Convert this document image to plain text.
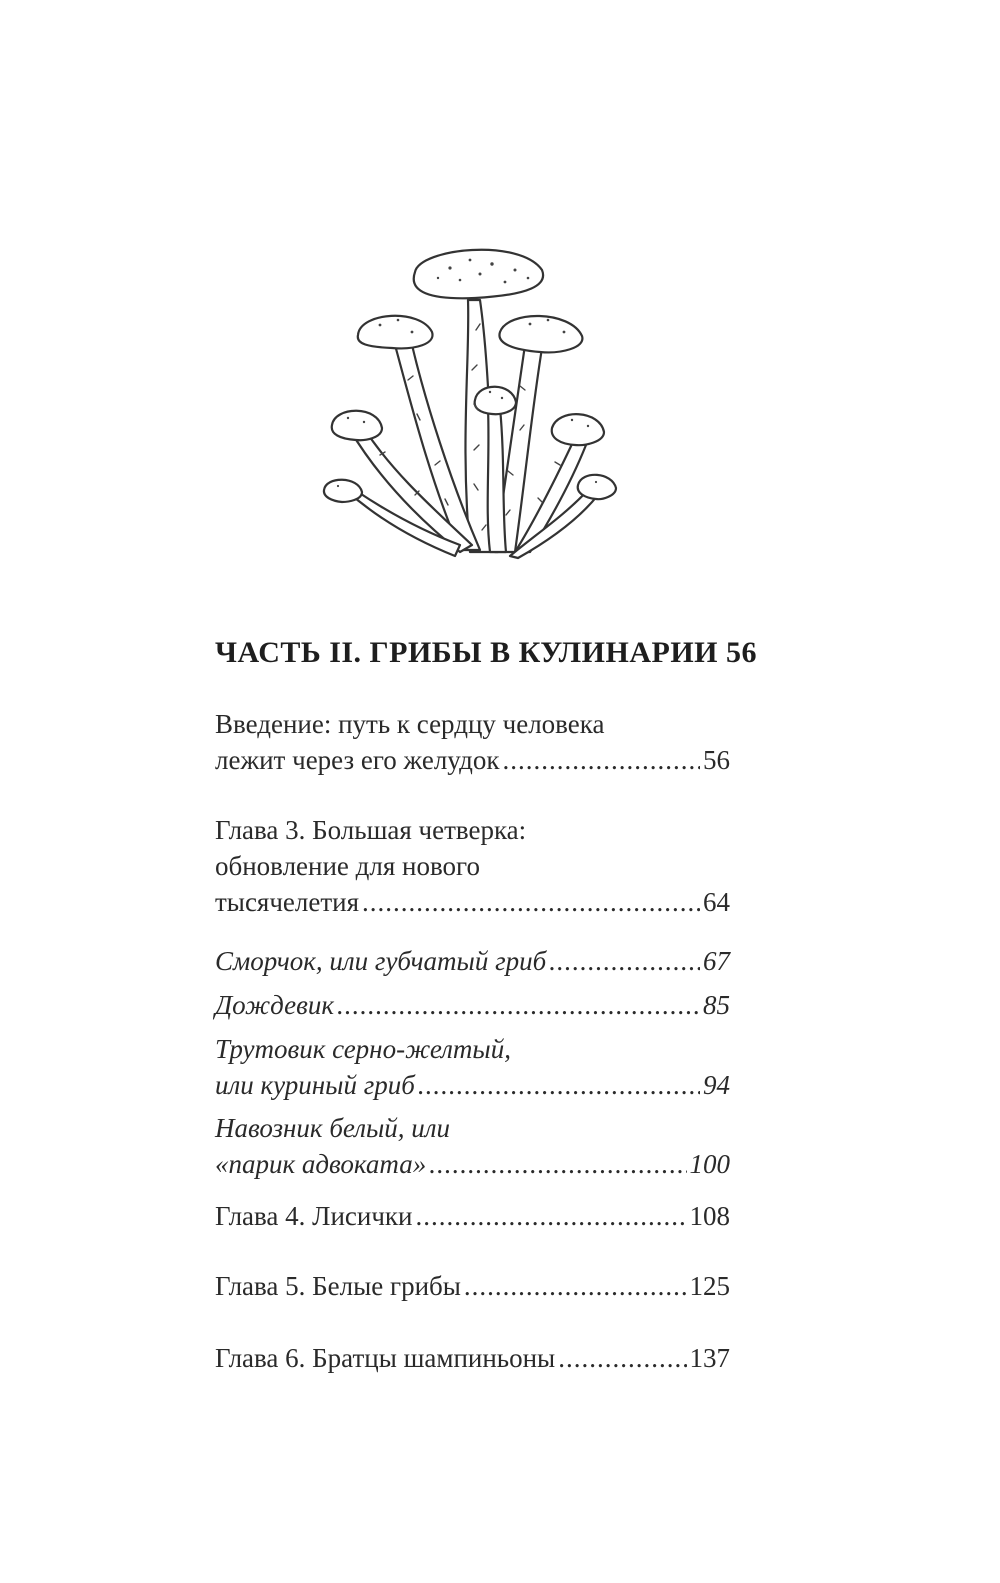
ЧАСТЬ II. ГРИБЫ В КУЛИНАРИИ 56
Введение: путь к сердцу человека
лежит через его желудок .....	56
Глава 3. Большая четверка:
обновление для нового
тысячелетия .....	64
Сморчок, или губчатый гриб .....	67
Дождевик .....	85
Трутовик серно-желтый,
или куриный гриб .....	94
Навозник белый, или
«парик адвоката» .....	100
Глава 4. Лисички .....	108
Глава 5. Белые грибы .....	125
Глава 6. Братцы шампиньоны .....	137
